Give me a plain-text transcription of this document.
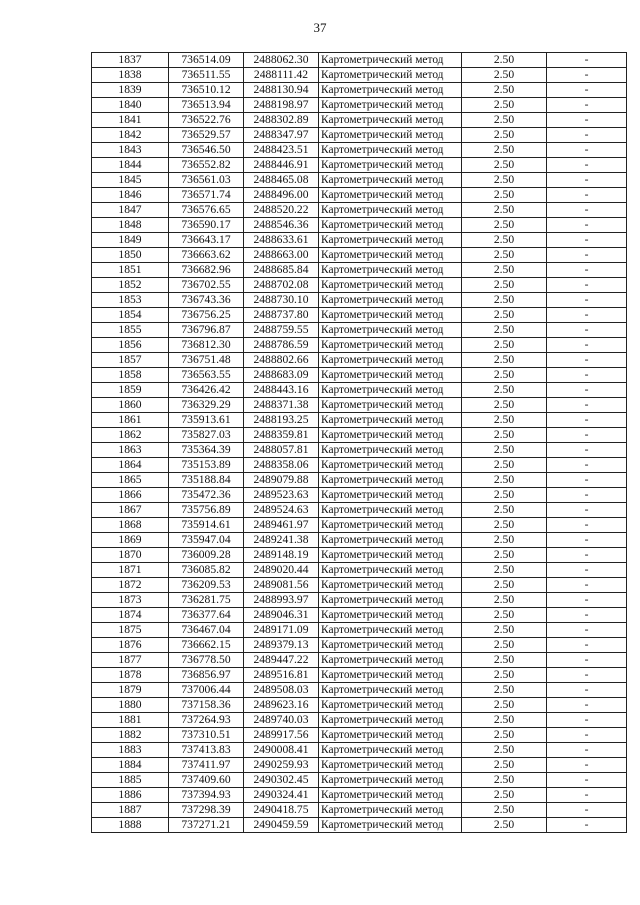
37
1837	736514.09	2488062.30	Картометрический метод	2.50	-
1838	736511.55	2488111.42	Картометрический метод	2.50	-
1839	736510.12	2488130.94	Картометрический метод	2.50	-
1840	736513.94	2488198.97	Картометрический метод	2.50	-
1841	736522.76	2488302.89	Картометрический метод	2.50	-
1842	736529.57	2488347.97	Картометрический метод	2.50	-
1843	736546.50	2488423.51	Картометрический метод	2.50	-
1844	736552.82	2488446.91	Картометрический метод	2.50	-
1845	736561.03	2488465.08	Картометрический метод	2.50	-
1846	736571.74	2488496.00	Картометрический метод	2.50	-
1847	736576.65	2488520.22	Картометрический метод	2.50	-
1848	736590.17	2488546.36	Картометрический метод	2.50	-
1849	736643.17	2488633.61	Картометрический метод	2.50	-
1850	736663.62	2488663.00	Картометрический метод	2.50	-
1851	736682.96	2488685.84	Картометрический метод	2.50	-
1852	736702.55	2488702.08	Картометрический метод	2.50	-
1853	736743.36	2488730.10	Картометрический метод	2.50	-
1854	736756.25	2488737.80	Картометрический метод	2.50	-
1855	736796.87	2488759.55	Картометрический метод	2.50	-
1856	736812.30	2488786.59	Картометрический метод	2.50	-
1857	736751.48	2488802.66	Картометрический метод	2.50	-
1858	736563.55	2488683.09	Картометрический метод	2.50	-
1859	736426.42	2488443.16	Картометрический метод	2.50	-
1860	736329.29	2488371.38	Картометрический метод	2.50	-
1861	735913.61	2488193.25	Картометрический метод	2.50	-
1862	735827.03	2488359.81	Картометрический метод	2.50	-
1863	735364.39	2488057.81	Картометрический метод	2.50	-
1864	735153.89	2488358.06	Картометрический метод	2.50	-
1865	735188.84	2489079.88	Картометрический метод	2.50	-
1866	735472.36	2489523.63	Картометрический метод	2.50	-
1867	735756.89	2489524.63	Картометрический метод	2.50	-
1868	735914.61	2489461.97	Картометрический метод	2.50	-
1869	735947.04	2489241.38	Картометрический метод	2.50	-
1870	736009.28	2489148.19	Картометрический метод	2.50	-
1871	736085.82	2489020.44	Картометрический метод	2.50	-
1872	736209.53	2489081.56	Картометрический метод	2.50	-
1873	736281.75	2488993.97	Картометрический метод	2.50	-
1874	736377.64	2489046.31	Картометрический метод	2.50	-
1875	736467.04	2489171.09	Картометрический метод	2.50	-
1876	736662.15	2489379.13	Картометрический метод	2.50	-
1877	736778.50	2489447.22	Картометрический метод	2.50	-
1878	736856.97	2489516.81	Картометрический метод	2.50	-
1879	737006.44	2489508.03	Картометрический метод	2.50	-
1880	737158.36	2489623.16	Картометрический метод	2.50	-
1881	737264.93	2489740.03	Картометрический метод	2.50	-
1882	737310.51	2489917.56	Картометрический метод	2.50	-
1883	737413.83	2490008.41	Картометрический метод	2.50	-
1884	737411.97	2490259.93	Картометрический метод	2.50	-
1885	737409.60	2490302.45	Картометрический метод	2.50	-
1886	737394.93	2490324.41	Картометрический метод	2.50	-
1887	737298.39	2490418.75	Картометрический метод	2.50	-
1888	737271.21	2490459.59	Картометрический метод	2.50	-
